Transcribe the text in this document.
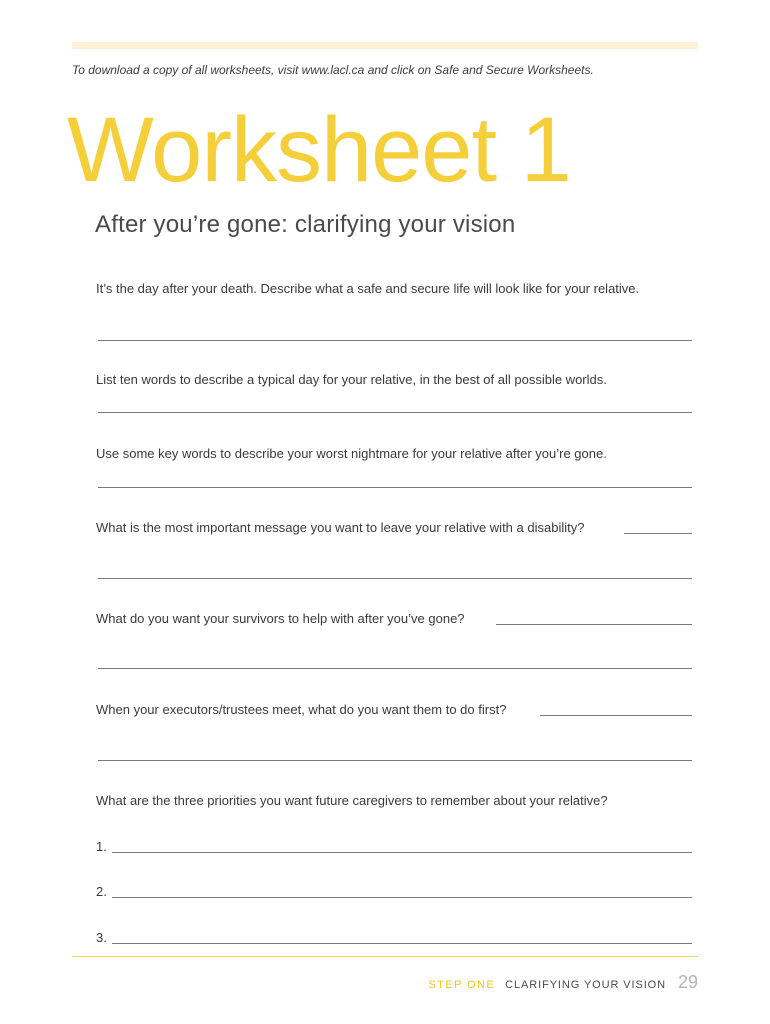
To download a copy of all worksheets, visit www.lacl.ca and click on Safe and Secure Worksheets.
Worksheet 1
After you’re gone: clarifying your vision
It’s the day after your death. Describe what a safe and secure life will look like for your relative.
List ten words to describe a typical day for your relative, in the best of all possible worlds.
Use some key words to describe your worst nightmare for your relative after you’re gone.
What is the most important message you want to leave your relative with a disability?
What do you want your survivors to help with after you’ve gone?
When your executors/trustees meet, what do you want them to do first?
What are the three priorities you want future caregivers to remember about your relative?
1.
2.
3.
STEP ONE CLARIFYING YOUR VISION 29
